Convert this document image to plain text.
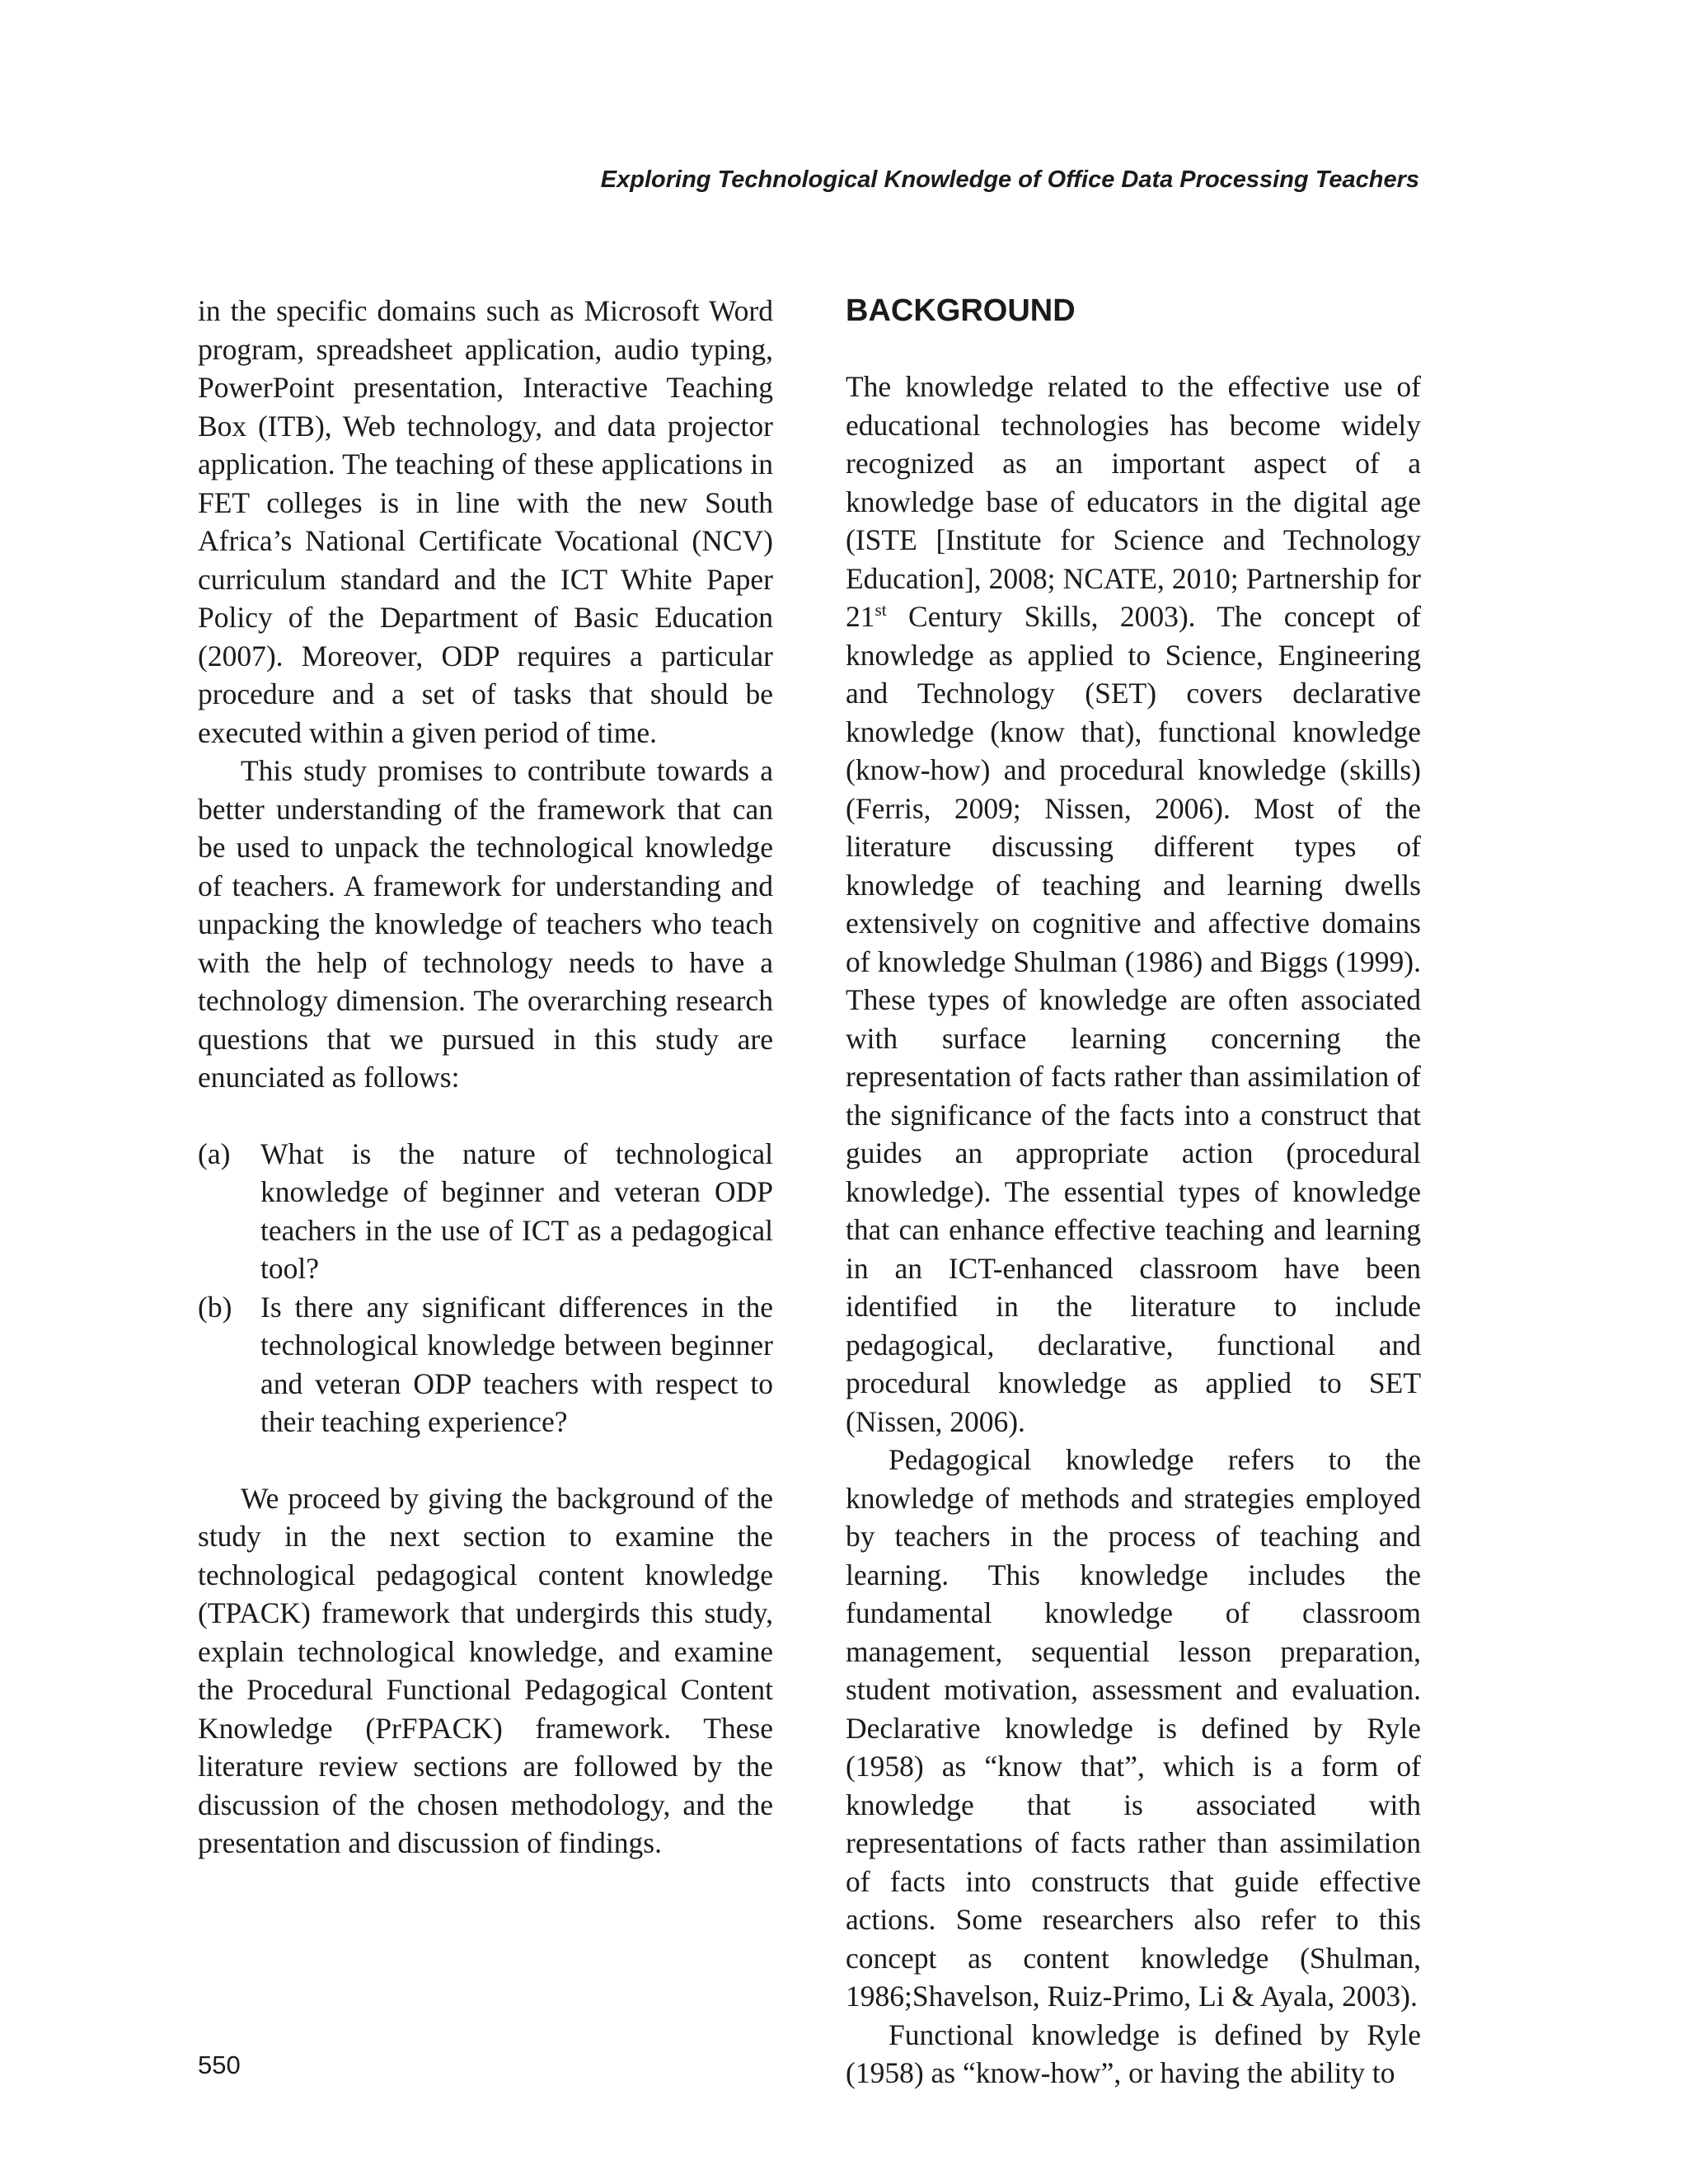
Exploring Technological Knowledge of Office Data Processing Teachers

in the specific domains such as Microsoft Word program, spreadsheet application, audio typing, PowerPoint presentation, Interactive Teaching Box (ITB), Web technology, and data projector application. The teaching of these applications in FET colleges is in line with the new South Africa’s National Certificate Vocational (NCV) curriculum standard and the ICT White Paper Policy of the Department of Basic Education (2007). Moreover, ODP requires a particular procedure and a set of tasks that should be executed within a given period of time.

This study promises to contribute towards a better understanding of the framework that can be used to unpack the technological knowledge of teachers. A framework for understanding and unpacking the knowledge of teachers who teach with the help of technology needs to have a technology dimension. The overarching research questions that we pursued in this study are enunciated as follows:

(a)	What is the nature of technological knowledge of beginner and veteran ODP teachers in the use of ICT as a pedagogical tool?
(b) Is there any significant differences in the technological knowledge between beginner and veteran ODP teachers with respect to their teaching experience?

We proceed by giving the background of the study in the next section to examine the technological pedagogical content knowledge (TPACK) framework that undergirds this study, explain technological knowledge, and examine the Procedural Functional Pedagogical Content Knowledge (PrFPACK) framework. These literature review sections are followed by the discussion of the chosen methodology, and the presentation and discussion of findings.

BACKGROUND

The knowledge related to the effective use of educational technologies has become widely recognized as an important aspect of a knowledge base of educators in the digital age (ISTE [Institute for Science and Technology Education], 2008; NCATE, 2010; Partnership for 21st Century Skills, 2003). The concept of knowledge as applied to Science, Engineering and Technology (SET) covers declarative knowledge (know that), functional knowledge (know-how) and procedural knowledge (skills) (Ferris, 2009; Nissen, 2006). Most of the literature discussing different types of knowledge of teaching and learning dwells extensively on cognitive and affective domains of knowledge Shulman (1986) and Biggs (1999). These types of knowledge are often associated with surface learning concerning the representation of facts rather than assimilation of the significance of the facts into a construct that guides an appropriate action (procedural knowledge). The essential types of knowledge that can enhance effective teaching and learning in an ICT-enhanced classroom have been identified in the literature to include pedagogical, declarative, functional and procedural knowledge as applied to SET (Nissen, 2006).

Pedagogical knowledge refers to the knowledge of methods and strategies employed by teachers in the process of teaching and learning. This knowledge includes the fundamental knowledge of classroom management, sequential lesson preparation, student motivation, assessment and evaluation. Declarative knowledge is defined by Ryle (1958) as “know that”, which is a form of knowledge that is associated with representations of facts rather than assimilation of facts into constructs that guide effective actions. Some researchers also refer to this concept as content knowledge (Shulman, 1986;Shavelson, Ruiz-Primo, Li & Ayala, 2003).

Functional knowledge is defined by Ryle (1958) as “know-how”, or having the ability to

550
